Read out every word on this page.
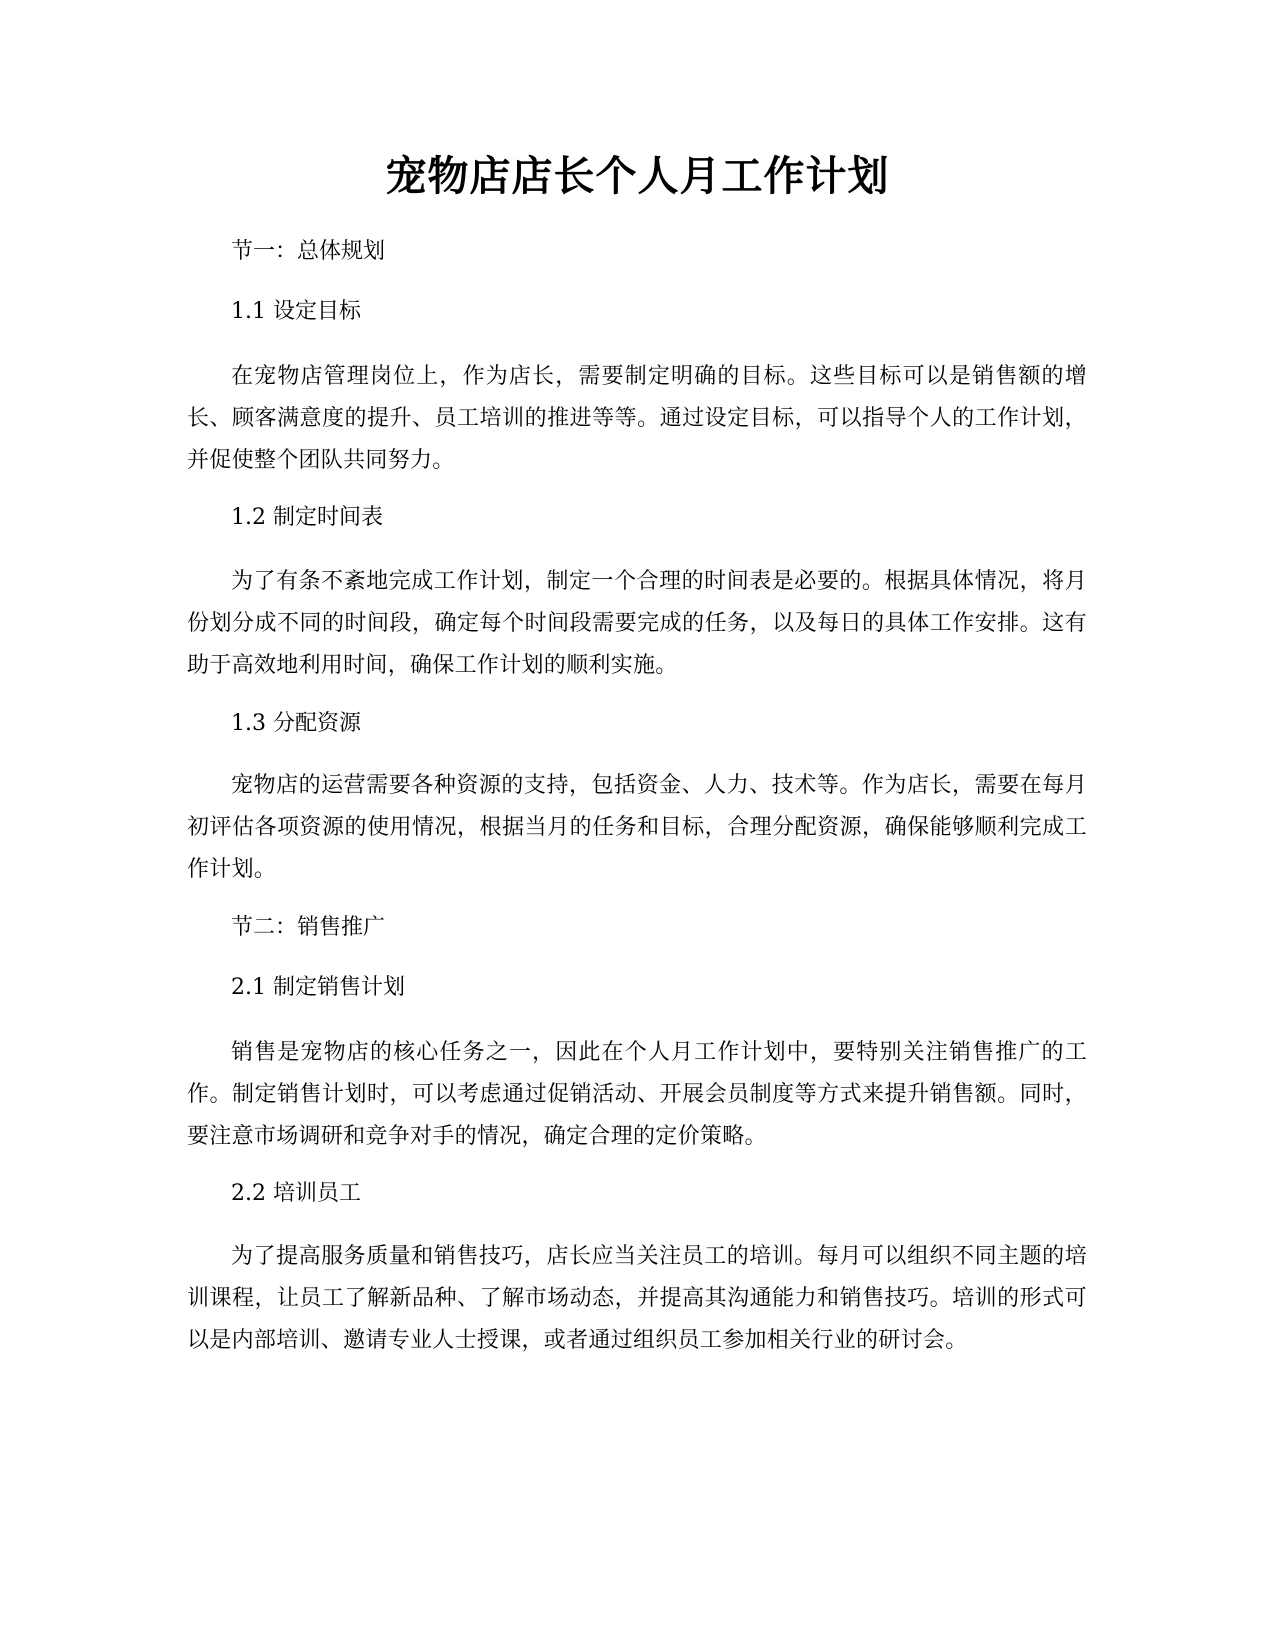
宠物店店长个人月工作计划

节一：总体规划

1.1 设定目标

在宠物店管理岗位上，作为店长，需要制定明确的目标。这些目标可以是销售额的增长、顾客满意度的提升、员工培训的推进等等。通过设定目标，可以指导个人的工作计划，并促使整个团队共同努力。

1.2 制定时间表

为了有条不紊地完成工作计划，制定一个合理的时间表是必要的。根据具体情况，将月份划分成不同的时间段，确定每个时间段需要完成的任务，以及每日的具体工作安排。这有助于高效地利用时间，确保工作计划的顺利实施。

1.3 分配资源

宠物店的运营需要各种资源的支持，包括资金、人力、技术等。作为店长，需要在每月初评估各项资源的使用情况，根据当月的任务和目标，合理分配资源，确保能够顺利完成工作计划。

节二：销售推广

2.1 制定销售计划

销售是宠物店的核心任务之一，因此在个人月工作计划中，要特别关注销售推广的工作。制定销售计划时，可以考虑通过促销活动、开展会员制度等方式来提升销售额。同时，要注意市场调研和竞争对手的情况，确定合理的定价策略。

2.2 培训员工

为了提高服务质量和销售技巧，店长应当关注员工的培训。每月可以组织不同主题的培训课程，让员工了解新品种、了解市场动态，并提高其沟通能力和销售技巧。培训的形式可以是内部培训、邀请专业人士授课，或者通过组织员工参加相关行业的研讨会。
